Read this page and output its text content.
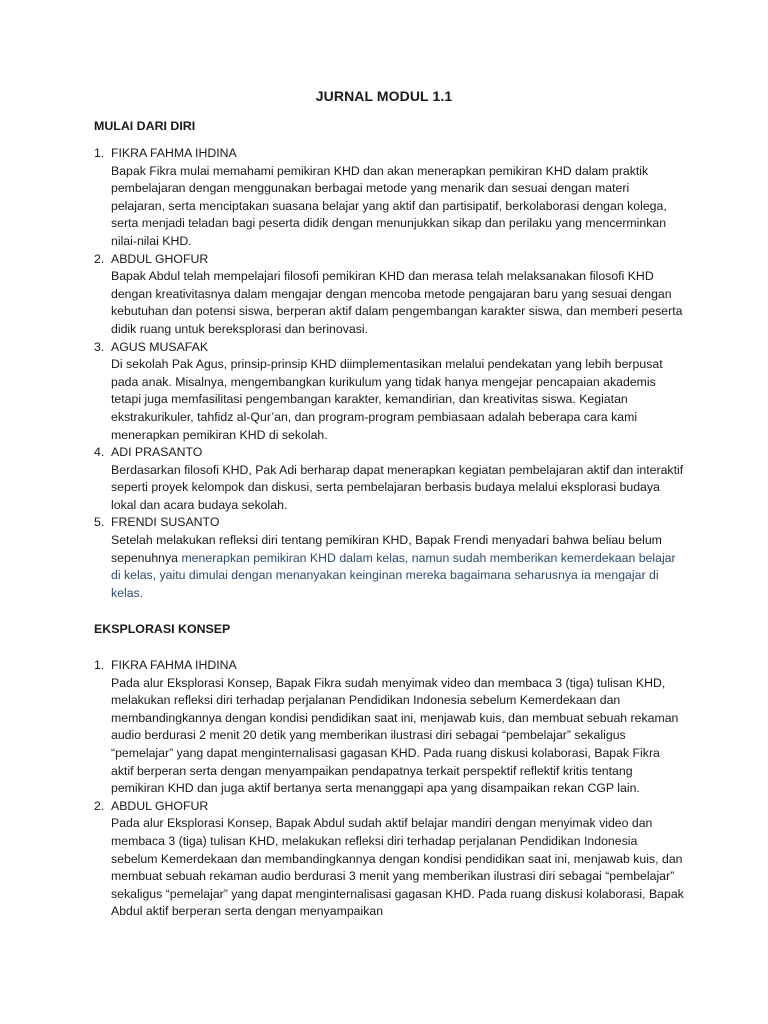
JURNAL MODUL 1.1
MULAI DARI DIRI
1. FIKRA FAHMA IHDINA
Bapak Fikra mulai memahami pemikiran KHD dan akan menerapkan pemikiran KHD dalam praktik pembelajaran dengan menggunakan berbagai metode yang menarik dan sesuai dengan materi pelajaran, serta menciptakan suasana belajar yang aktif dan partisipatif, berkolaborasi dengan kolega, serta menjadi teladan bagi peserta didik dengan menunjukkan sikap dan perilaku yang mencerminkan nilai-nilai KHD.
2. ABDUL GHOFUR
Bapak Abdul telah mempelajari filosofi pemikiran KHD dan merasa telah melaksanakan filosofi KHD dengan kreativitasnya dalam mengajar dengan mencoba metode pengajaran baru yang sesuai dengan kebutuhan dan potensi siswa, berperan aktif dalam pengembangan karakter siswa, dan memberi peserta didik ruang untuk bereksplorasi dan berinovasi.
3. AGUS MUSAFAK
Di sekolah Pak Agus, prinsip-prinsip KHD diimplementasikan melalui pendekatan yang lebih berpusat pada anak. Misalnya, mengembangkan kurikulum yang tidak hanya mengejar pencapaian akademis tetapi juga memfasilitasi pengembangan karakter, kemandirian, dan kreativitas siswa. Kegiatan ekstrakurikuler, tahfidz al-Qur’an, dan program-program pembiasaan adalah beberapa cara kami menerapkan pemikiran KHD di sekolah.
4. ADI PRASANTO
Berdasarkan filosofi KHD, Pak Adi berharap dapat menerapkan kegiatan pembelajaran aktif dan interaktif seperti proyek kelompok dan diskusi, serta pembelajaran berbasis budaya melalui eksplorasi budaya lokal dan acara budaya sekolah.
5. FRENDI SUSANTO
Setelah melakukan refleksi diri tentang pemikiran KHD, Bapak Frendi menyadari bahwa beliau belum sepenuhnya menerapkan pemikiran KHD dalam kelas, namun sudah memberikan kemerdekaan belajar di kelas, yaitu dimulai dengan menanyakan keinginan mereka bagaimana seharusnya ia mengajar di kelas.
EKSPLORASI KONSEP
1. FIKRA FAHMA IHDINA
Pada alur Eksplorasi Konsep, Bapak Fikra sudah menyimak video dan membaca 3 (tiga) tulisan KHD, melakukan refleksi diri terhadap perjalanan Pendidikan Indonesia sebelum Kemerdekaan dan membandingkannya dengan kondisi pendidikan saat ini, menjawab kuis, dan membuat sebuah rekaman audio berdurasi 2 menit 20 detik yang memberikan ilustrasi diri sebagai “pembelajar” sekaligus “pemelajar” yang dapat menginternalisasi gagasan KHD. Pada ruang diskusi kolaborasi, Bapak Fikra aktif berperan serta dengan menyampaikan pendapatnya terkait perspektif reflektif kritis tentang pemikiran KHD dan juga aktif bertanya serta menanggapi apa yang disampaikan rekan CGP lain.
2. ABDUL GHOFUR
Pada alur Eksplorasi Konsep, Bapak Abdul sudah aktif belajar mandiri dengan menyimak video dan membaca 3 (tiga) tulisan KHD, melakukan refleksi diri terhadap perjalanan Pendidikan Indonesia sebelum Kemerdekaan dan membandingkannya dengan kondisi pendidikan saat ini, menjawab kuis, dan membuat sebuah rekaman audio berdurasi 3 menit yang memberikan ilustrasi diri sebagai “pembelajar” sekaligus “pemelajar” yang dapat menginternalisasi gagasan KHD. Pada ruang diskusi kolaborasi, Bapak Abdul aktif berperan serta dengan menyampaikan
